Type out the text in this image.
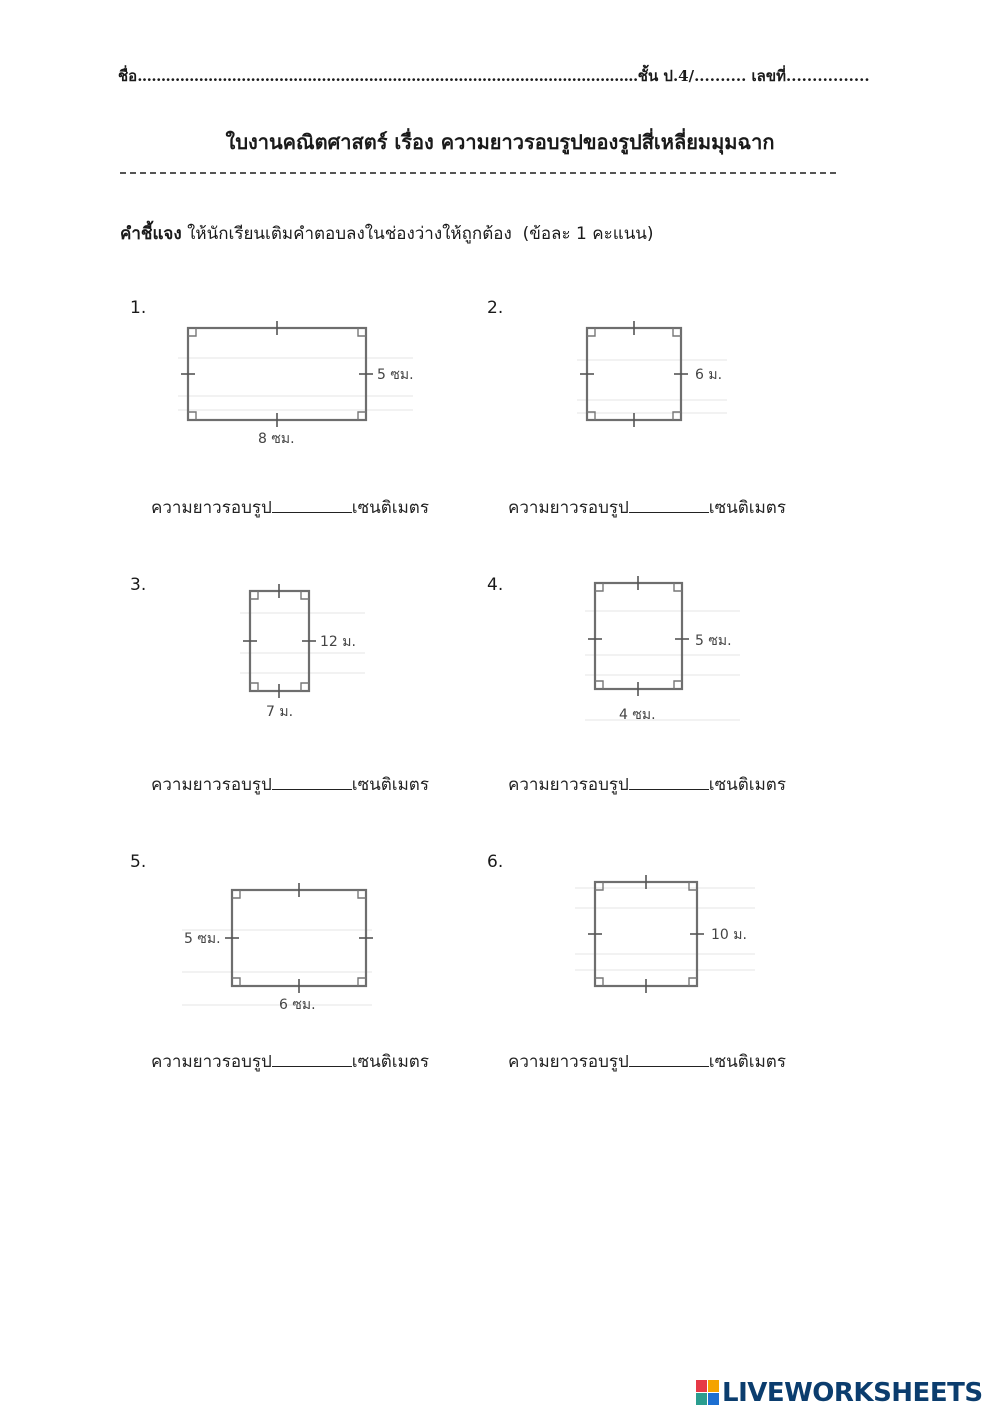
ชื่อ..........................................................................................................ชั้น ป.4/.......... เลขที่................
ใบงานคณิตศาสตร์ เรื่อง ความยาวรอบรูปของรูปสี่เหลี่ยมมุมฉาก
คำชี้แจง ให้นักเรียนเติมคำตอบลงในช่องว่างให้ถูกต้อง (ข้อละ 1 คะแนน)
1.
5 ซม.
8 ซม.
ความยาวรอบรูป	เซนติเมตร
2.
6 ม.
ความยาวรอบรูป	เซนติเมตร
3.
12 ม.
7 ม.
ความยาวรอบรูป	เซนติเมตร
4.
5 ซม.
4 ซม.
ความยาวรอบรูป	เซนติเมตร
5.
5 ซม.
6 ซม.
ความยาวรอบรูป	เซนติเมตร
6.
10 ม.
ความยาวรอบรูป	เซนติเมตร
LIVEWORKSHEETS
